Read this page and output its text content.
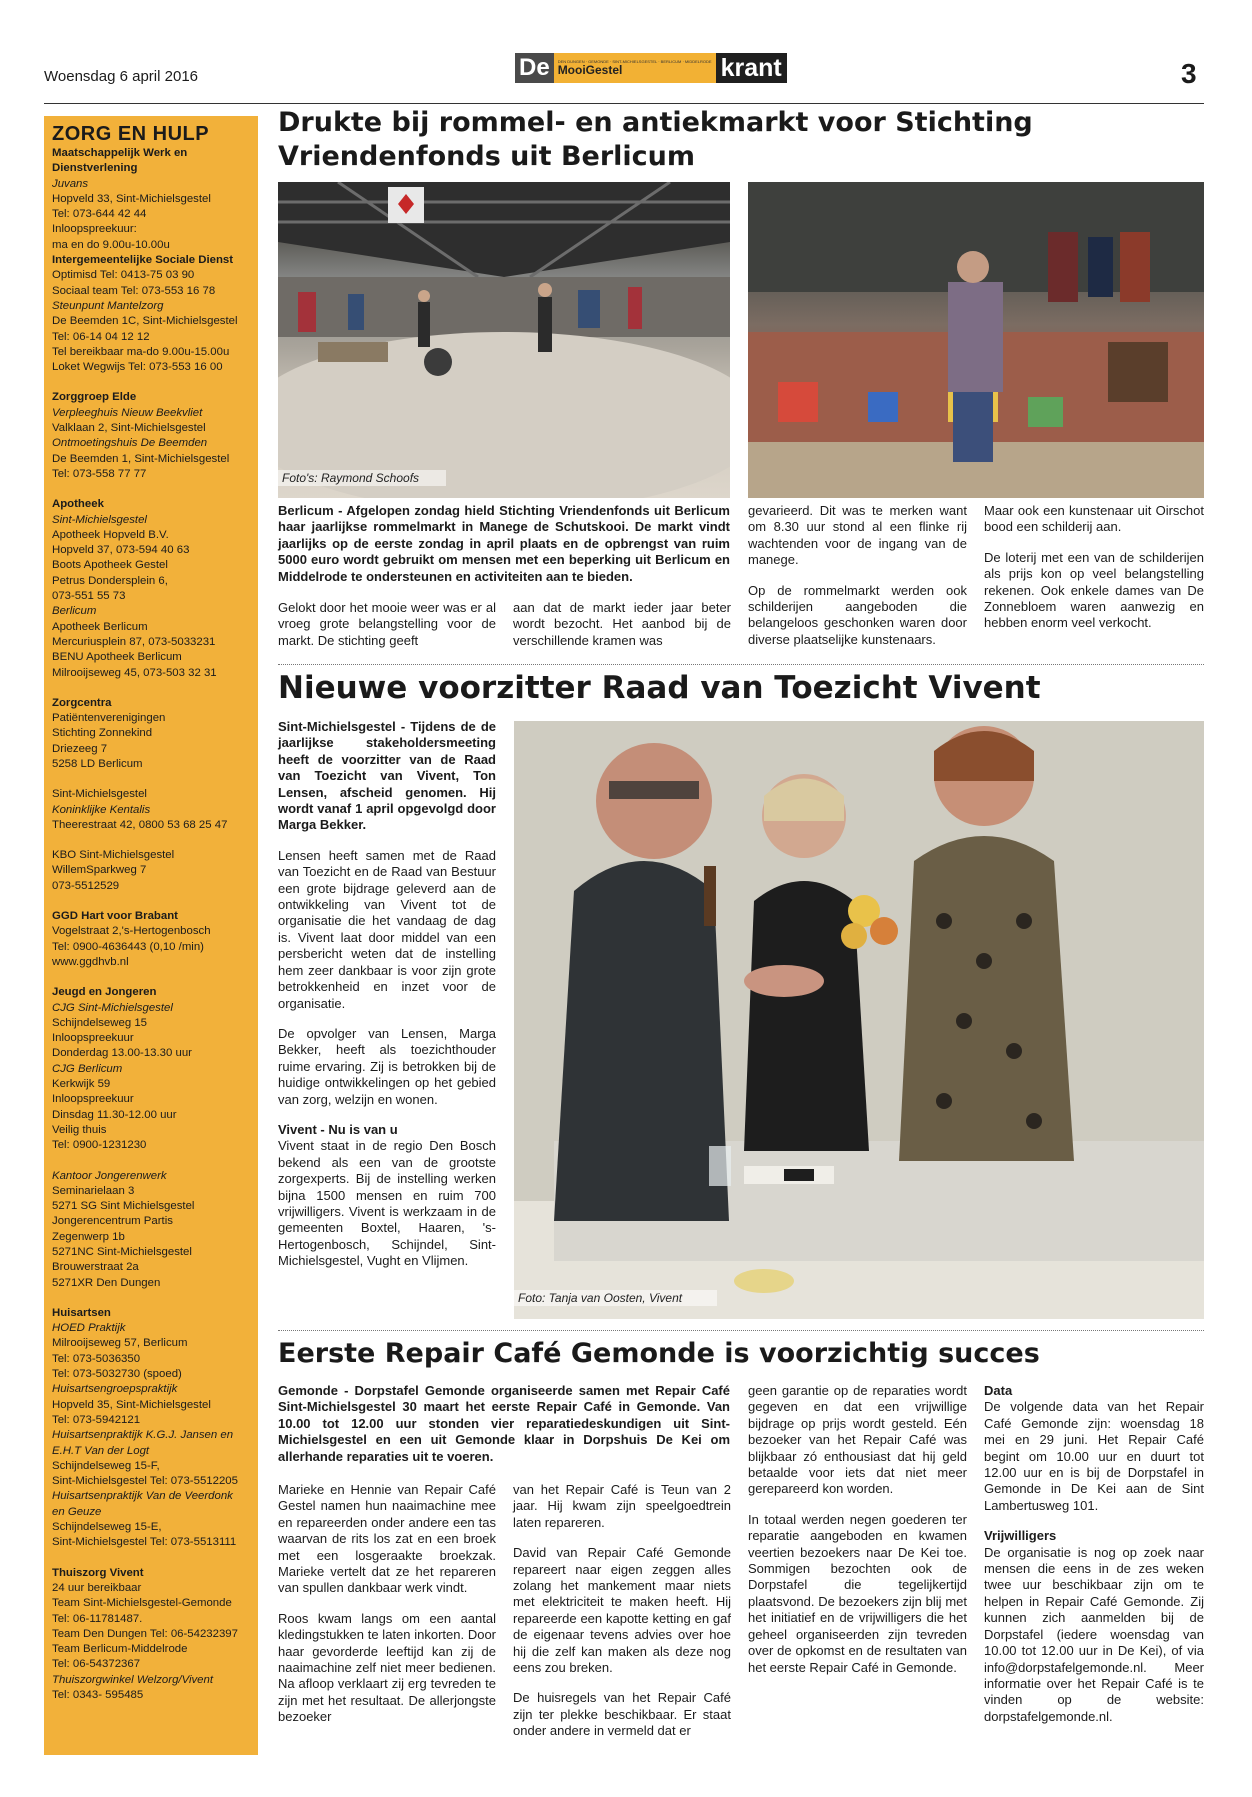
Woensdag 6 april 2016	De	DEN DUNGEN · GEMONDE · SINT-MICHIELSGESTEL · BERLICUM · MIDDELRODE
MooiGestel	krant	3
ZORG EN HULP
Maatschappelijk Werk en
Dienstverlening
Juvans
Hopveld 33, Sint-Michielsgestel
Tel: 073-644 42 44
Inloopspreekuur:
ma en do 9.00u-10.00u
Intergemeentelijke Sociale Dienst
Optimisd Tel: 0413-75 03 90
Sociaal team Tel: 073-553 16 78
Steunpunt Mantelzorg
De Beemden 1C, Sint-Michielsgestel
Tel: 06-14 04 12 12
Tel bereikbaar ma-do 9.00u-15.00u
Loket Wegwijs Tel: 073-553 16 00
Zorggroep Elde
Verpleeghuis Nieuw Beekvliet
Valklaan 2, Sint-Michielsgestel
Ontmoetingshuis De Beemden
De Beemden 1, Sint-Michielsgestel
Tel: 073-558 77 77
Apotheek
Sint-Michielsgestel
Apotheek Hopveld B.V.
Hopveld 37, 073-594 40 63
Boots Apotheek Gestel
Petrus Dondersplein 6,
073-551 55 73
Berlicum
Apotheek Berlicum
Mercuriusplein 87, 073-5033231
BENU Apotheek Berlicum
Milrooijseweg 45, 073-503 32 31
Zorgcentra
Patiëntenverenigingen
Stichting Zonnekind
Driezeeg 7
5258 LD Berlicum
Sint-Michielsgestel
Koninklijke Kentalis
Theerestraat 42, 0800 53 68 25 47
KBO Sint-Michielsgestel
WillemSparkweg 7
073-5512529
GGD Hart voor Brabant
Vogelstraat 2,'s-Hertogenbosch
Tel: 0900-4636443 (0,10 /min)
www.ggdhvb.nl
Jeugd en Jongeren
CJG Sint-Michielsgestel
Schijndelseweg 15
Inloopspreekuur
Donderdag 13.00-13.30 uur
CJG Berlicum
Kerkwijk 59
Inloopspreekuur
Dinsdag 11.30-12.00 uur
Veilig thuis
Tel: 0900-1231230
Kantoor Jongerenwerk
Seminarielaan 3
5271 SG Sint Michielsgestel
Jongerencentrum Partis
Zegenwerp 1b
5271NC Sint-Michielsgestel
Brouwerstraat 2a
5271XR Den Dungen
Huisartsen
HOED Praktijk
Milrooijseweg 57, Berlicum
Tel: 073-5036350
Tel: 073-5032730 (spoed)
Huisartsengroepspraktijk
Hopveld 35, Sint-Michielsgestel
Tel: 073-5942121
Huisartsenpraktijk K.G.J. Jansen en
E.H.T Van der Logt
Schijndelseweg 15-F,
Sint-Michielsgestel Tel: 073-5512205
Huisartsenpraktijk Van de Veerdonk
en Geuze
Schijndelseweg 15-E,
Sint-Michielsgestel Tel: 073-5513111
Thuiszorg Vivent
24 uur bereikbaar
Team Sint-Michielsgestel-Gemonde
Tel: 06-11781487.
Team Den Dungen Tel: 06-54232397
Team Berlicum-Middelrode
Tel: 06-54372367
Thuiszorgwinkel Welzorg/Vivent
Tel: 0343- 595485
Drukte bij rommel- en antiekmarkt voor Stichting Vriendenfonds uit Berlicum
Foto's: Raymond Schoofs
Berlicum - Afgelopen zondag hield Stichting Vriendenfonds uit Berlicum haar jaarlijkse rommelmarkt in Manege de Schutskooi. De markt vindt jaarlijks op de eerste zondag in april plaats en de opbrengst van ruim 5000 euro wordt gebruikt om mensen met een beperking uit Berlicum en Middelrode te ondersteunen en activiteiten aan te bieden.
Gelokt door het mooie weer was er al vroeg grote belangstelling voor de markt. De stichting geeft
aan dat de markt ieder jaar beter wordt bezocht. Het aanbod bij de verschillende kramen was

gevarieerd. Dit was te merken want om 8.30 uur stond al een flinke rij wachtenden voor de ingang van de manege.

Op de rommelmarkt werden ook schilderijen aangeboden die belangeloos geschonken waren door diverse plaatselijke kunstenaars.

Maar ook een kunstenaar uit Oirschot bood een schilderij aan.

De loterij met een van de schilderijen als prijs kon op veel belangstelling rekenen. Ook enkele dames van De Zonnebloem waren aanwezig en hebben enorm veel verkocht.

Nieuwe voorzitter Raad van Toezicht Vivent

Sint-Michielsgestel - Tijdens de de jaarlijkse stakeholdersmeeting heeft de voorzitter van de Raad van Toezicht van Vivent, Ton Lensen, afscheid genomen. Hij wordt vanaf 1 april opgevolgd door Marga Bekker.

Lensen heeft samen met de Raad van Toezicht en de Raad van Bestuur een grote bijdrage geleverd aan de ontwikkeling van Vivent tot de organisatie die het vandaag de dag is. Vivent laat door middel van een persbericht weten dat de instelling hem zeer dankbaar is voor zijn grote betrokkenheid en inzet voor de organisatie.

De opvolger van Lensen, Marga Bekker, heeft als toezichthouder ruime ervaring. Zij is betrokken bij de huidige ontwikkelingen op het gebied van zorg, welzijn en wonen.

Vivent - Nu is van u

Vivent staat in de regio Den Bosch bekend als een van de grootste zorgexperts. Bij de instelling werken bijna 1500 mensen en ruim 700 vrijwilligers. Vivent is werkzaam in de gemeenten Boxtel, Haaren, 's-Hertogenbosch, Schijndel, Sint-Michielsgestel, Vught en Vlijmen.

Foto: Tanja van Oosten, Vivent
Eerste Repair Café Gemonde is voorzichtig succes
Gemonde - Dorpstafel Gemonde organiseerde samen met Repair Café Sint-Michielsgestel 30 maart het eerste Repair Café in Gemonde. Van 10.00 tot 12.00 uur stonden vier reparatiedeskundigen uit Sint-Michielsgestel en een uit Gemonde klaar in Dorpshuis De Kei om allerhande reparaties uit te voeren.

Marieke en Hennie van Repair Café Gestel namen hun naaimachine mee en repareerden onder andere een tas waarvan de rits los zat en een broek met een losgeraakte broekzak. Marieke vertelt dat ze het repareren van spullen dankbaar werk vindt.

Roos kwam langs om een aantal kledingstukken te laten inkorten. Door haar gevorderde leeftijd kan zij de naaimachine zelf niet meer bedienen. Na afloop verklaart zij erg tevreden te zijn met het resultaat. De allerjongste bezoeker

van het Repair Café is Teun van 2 jaar. Hij kwam zijn speelgoedtrein laten repareren.

David van Repair Café Gemonde repareert naar eigen zeggen alles zolang het mankement maar niets met elektriciteit te maken heeft. Hij repareerde een kapotte ketting en gaf de eigenaar tevens advies over hoe hij die zelf kan maken als deze nog eens zou breken.

De huisregels van het Repair Café zijn ter plekke beschikbaar. Er staat onder andere in vermeld dat er

geen garantie op de reparaties wordt gegeven en dat een vrijwillige bijdrage op prijs wordt gesteld. Eén bezoeker van het Repair Café was blijkbaar zó enthousiast dat hij geld betaalde voor iets dat niet meer gerepareerd kon worden.

In totaal werden negen goederen ter reparatie aangeboden en kwamen veertien bezoekers naar De Kei toe. Sommigen bezochten ook de Dorpstafel die tegelijkertijd plaatsvond. De bezoekers zijn blij met het initiatief en de vrijwilligers die het geheel organiseerden zijn tevreden over de opkomst en de resultaten van het eerste Repair Café in Gemonde.

Data

De volgende data van het Repair Café Gemonde zijn: woensdag 18 mei en 29 juni. Het Repair Café begint om 10.00 uur en duurt tot 12.00 uur en is bij de Dorpstafel in Gemonde in De Kei aan de Sint Lambertusweg 101.

Vrijwilligers

De organisatie is nog op zoek naar mensen die eens in de zes weken twee uur beschikbaar zijn om te helpen in Repair Café Gemonde. Zij kunnen zich aanmelden bij de Dorpstafel (iedere woensdag van 10.00 tot 12.00 uur in De Kei), of via info@dorpstafelgemonde.nl. Meer informatie over het Repair Café is te vinden op de website: dorpstafelgemonde.nl.
